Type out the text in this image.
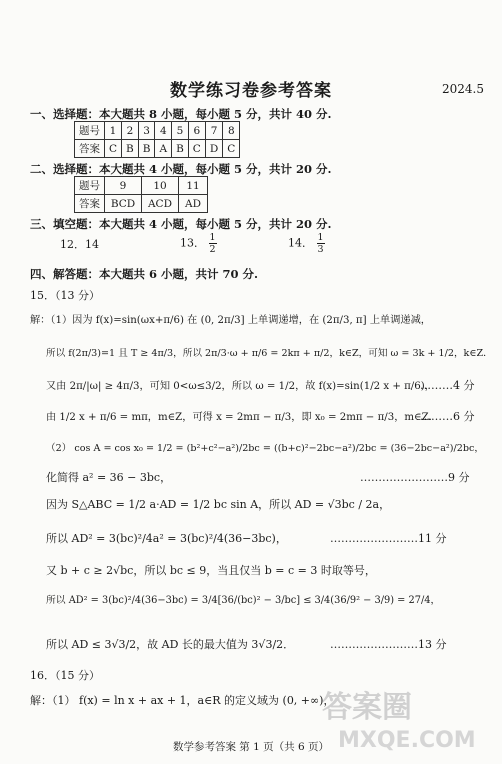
数学练习卷参考答案	2024.5
一、选择题：本大题共 8 小题，每小题 5 分，共计 40 分.
题号	1	2	3	4	5	6	7	8
答案	C	B	B	A	B	C	D	C
二、选择题：本大题共 4 小题，每小题 5 分，共计 20 分.
题号	9	10	11
答案	BCD	ACD	AD
三、填空题：本大题共 4 小题，每小题 5 分，共计 20 分.
12．14	13． $\frac{1}{2}$	14． $\frac{1}{3}$
四、解答题：本大题共 6 小题，共计 70 分.
15．（13 分）
解：（1）因为 f(x)=sin(ωx+π/6) 在 (0, 2π/3] 上单调递增，在 (2π/3, π] 上单调递减，
所以 f(2π/3)=1 且 T ≥ 4π/3，所以 2π/3·ω + π/6 = 2kπ + π/2，k∈Z，可知 ω = 3k + 1/2，k∈Z．
又由 2π/|ω| ≥ 4π/3，可知 0<ω≤3/2，所以 ω = 1/2，故 f(x)=sin(1/2 x + π/6)，
………4 分
由 1/2 x + π/6 = mπ，m∈Z，可得 x = 2mπ − π/3，即 x₀ = 2mπ − π/3，m∈Z．
………6 分
（2） cos A = cos x₀ = 1/2 = (b²+c²−a²)/2bc = ((b+c)²−2bc−a²)/2bc = (36−2bc−a²)/2bc，
化简得 a² = 36 − 3bc，	……………………9 分
因为 S△ABC = 1/2 a·AD = 1/2 bc sin A，所以 AD = √3bc / 2a，
所以 AD² = 3(bc)²/4a² = 3(bc)²/4(36−3bc)，	……………………11 分
又 b + c ≥ 2√bc，所以 bc ≤ 9，当且仅当 b = c = 3 时取等号，
所以 AD² = 3(bc)²/4(36−3bc) = 3/4[36/(bc)² − 3/bc] ≤ 3/4(36/9² − 3/9) = 27/4，
所以 AD ≤ 3√3/2，故 AD 长的最大值为 3√3/2．	……………………13 分
16．（15 分）
解：（1） f(x) = ln x + ax + 1，a∈R 的定义域为 (0, +∞)，
答案圈
MXQE.COM
数学参考答案 第 1 页（共 6 页）
